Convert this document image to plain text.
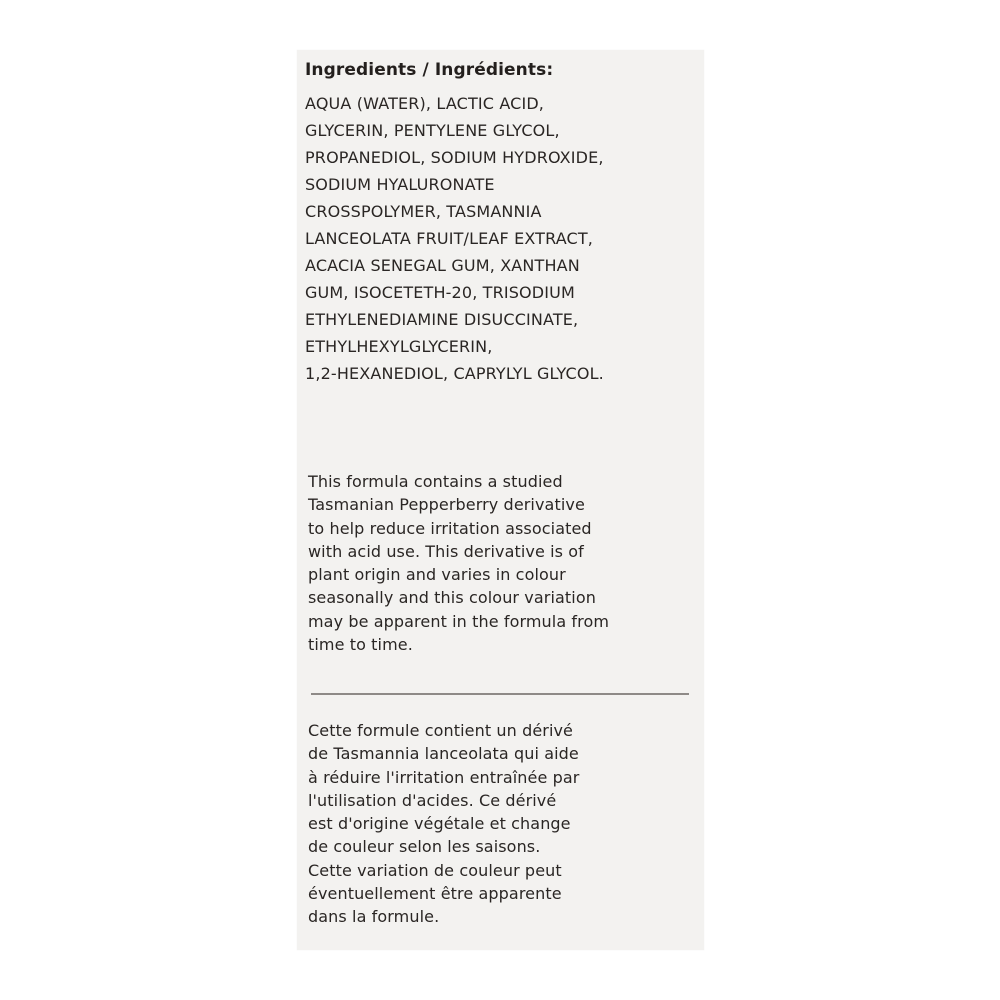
Ingredients / Ingrédients:
AQUA (WATER), LACTIC ACID,
GLYCERIN, PENTYLENE GLYCOL,
PROPANEDIOL, SODIUM HYDROXIDE,
SODIUM HYALURONATE
CROSSPOLYMER, TASMANNIA
LANCEOLATA FRUIT/LEAF EXTRACT,
ACACIA SENEGAL GUM, XANTHAN
GUM, ISOCETETH-20, TRISODIUM
ETHYLENEDIAMINE DISUCCINATE,
ETHYLHEXYLGLYCERIN,
1,2-HEXANEDIOL, CAPRYLYL GLYCOL.
This formula contains a studied
Tasmanian Pepperberry derivative
to help reduce irritation associated
with acid use. This derivative is of
plant origin and varies in colour
seasonally and this colour variation
may be apparent in the formula from
time to time.
Cette formule contient un dérivé
de Tasmannia lanceolata qui aide
à réduire l'irritation entraînée par
l'utilisation d'acides. Ce dérivé
est d'origine végétale et change
de couleur selon les saisons.
Cette variation de couleur peut
éventuellement être apparente
dans la formule.
